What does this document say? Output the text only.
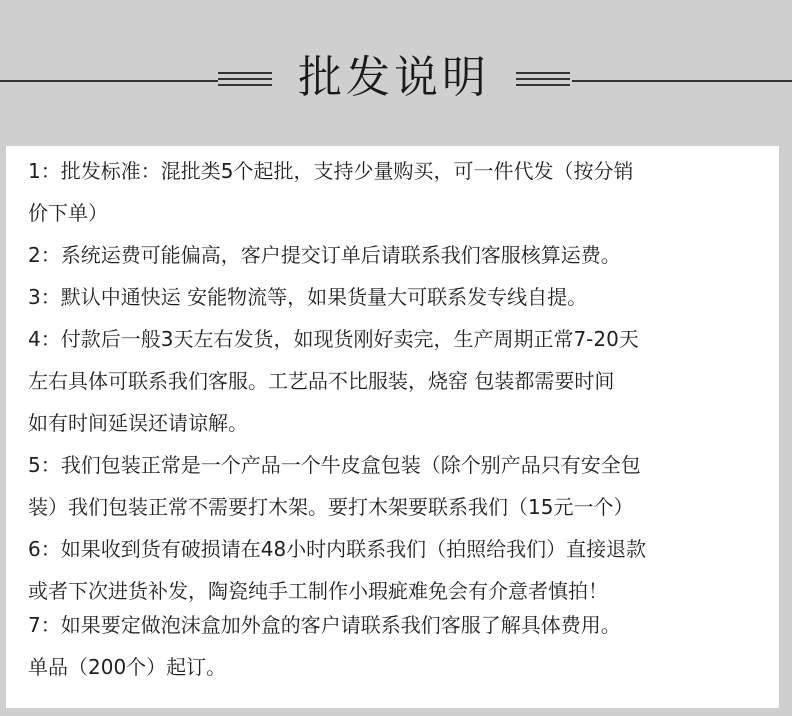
批发说明
1：批发标准：混批类5个起批，支持少量购买，可一件代发（按分销
价下单）
2：系统运费可能偏高，客户提交订单后请联系我们客服核算运费。
3：默认中通快运 安能物流等，如果货量大可联系发专线自提。
4：付款后一般3天左右发货，如现货刚好卖完，生产周期正常7-20天
左右具体可联系我们客服。工艺品不比服装，烧窑 包装都需要时间
如有时间延误还请谅解。
5：我们包装正常是一个产品一个牛皮盒包装（除个别产品只有安全包
装）我们包装正常不需要打木架。要打木架要联系我们（15元一个）
6：如果收到货有破损请在48小时内联系我们（拍照给我们）直接退款
或者下次进货补发，陶瓷纯手工制作小瑕疵难免会有介意者慎拍！
7：如果要定做泡沫盒加外盒的客户请联系我们客服了解具体费用。
单品（200个）起订。
